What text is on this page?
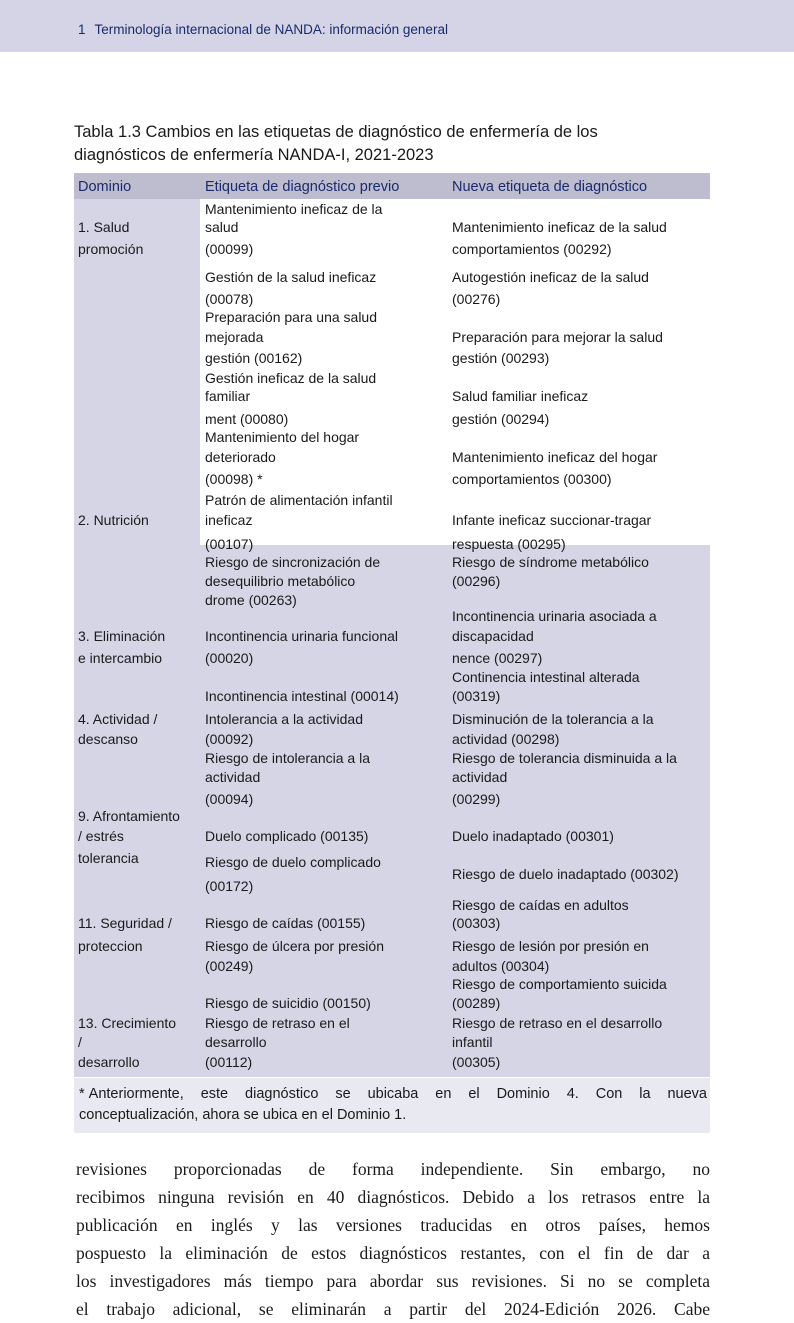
1 Terminología internacional de NANDA: información general
Tabla 1.3 Cambios en las etiquetas de diagnóstico de enfermería de los
diagnósticos de enfermería NANDA-I, 2021-2023
Dominio	Etiqueta de diagnóstico previo	Nueva etiqueta de diagnóstico
1. Salud
promoción
2. Nutrición
3. Eliminación
e intercambio
4. Actividad /
descanso
9. Afrontamiento
/ estrés
tolerancia
11. Seguridad /
proteccion
13. Crecimiento
/
desarrollo
Mantenimiento ineficaz de la
salud
(00099)
Gestión de la salud ineficaz
(00078)
Preparación para una salud
mejorada
gestión (00162)
Gestión ineficaz de la salud
familiar
ment (00080)
Mantenimiento del hogar
deteriorado
(00098) *
Patrón de alimentación infantil
ineficaz
(00107)
Riesgo de sincronización de
desequilibrio metabólico
drome (00263)
Incontinencia urinaria funcional
(00020)
Incontinencia intestinal (00014)
Intolerancia a la actividad
(00092)
Riesgo de intolerancia a la
actividad
(00094)
Duelo complicado (00135)
Riesgo de duelo complicado
(00172)
Riesgo de caídas (00155)
Riesgo de úlcera por presión
(00249)
Riesgo de suicidio (00150)
Riesgo de retraso en el
desarrollo
(00112)
Mantenimiento ineficaz de la salud
comportamientos (00292)
Autogestión ineficaz de la salud
(00276)
Preparación para mejorar la salud
gestión (00293)
Salud familiar ineficaz
gestión (00294)
Mantenimiento ineficaz del hogar
comportamientos (00300)
Infante ineficaz succionar-tragar
respuesta (00295)
Riesgo de síndrome metabólico
(00296)
Incontinencia urinaria asociada a
discapacidad
nence (00297)
Continencia intestinal alterada
(00319)
Disminución de la tolerancia a la
actividad (00298)
Riesgo de tolerancia disminuida a la
actividad
(00299)
Duelo inadaptado (00301)
Riesgo de duelo inadaptado (00302)
Riesgo de caídas en adultos
(00303)
Riesgo de lesión por presión en
adultos (00304)
Riesgo de comportamiento suicida
(00289)
Riesgo de retraso en el desarrollo
infantil
(00305)

* Anteriormente, este diagnóstico se ubicaba en el Dominio 4. Con la nueva

conceptualización, ahora se ubica en el Dominio 1.

revisiones proporcionadas de forma independiente. Sin embargo, no
recibimos ninguna revisión en 40 diagnósticos. Debido a los retrasos entre la
publicación en inglés y las versiones traducidas en otros países, hemos
pospuesto la eliminación de estos diagnósticos restantes, con el fin de dar a
los investigadores más tiempo para abordar sus revisiones. Si no se completa
el trabajo adicional, se eliminarán a partir del 2024-Edición 2026. Cabe
